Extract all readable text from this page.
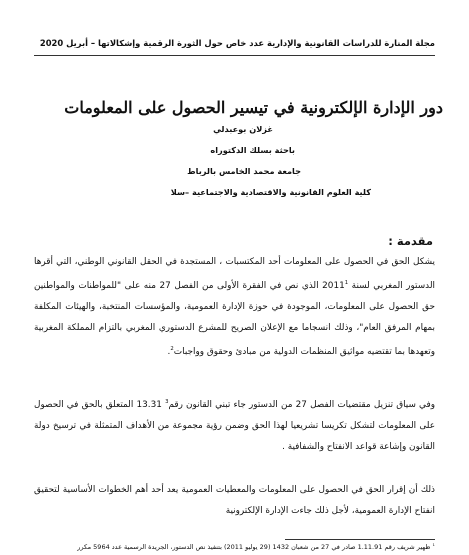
مجلة المنارة للدراسات القانونية والإدارية عدد خاص حول الثورة الرقمية وإشكالاتها – أبريل 2020
دور الإدارة الإلكترونية في تيسير الحصول على المعلومات
غزلان بوعبدلي
باحثة بسلك الدكتوراه
جامعة محمد الخامس بالرباط
كلية العلوم القانونية والاقتصادية والاجتماعية –سلا
مقدمة :
يشكل الحق في الحصول على المعلومات أحد المكتسبات ، المستجدة في الحقل القانوني الوطني، التي أقرها الدستور المغربي لسنة 2011$^1$ الذي نص في الفقرة الأولى من الفصل 27 منه على "للمواطنات والمواطنين حق الحصول على المعلومات، الموجودة في حوزة الإدارة العمومية، والمؤسسات المنتخبة، والهيئات المكلفة بمهام المرفق العام"، وذلك انسجاما مع الإعلان الصريح للمشرع الدستوري المغربي بالتزام المملكة المغربية وتعهدها بما تقتضيه مواثيق المنظمات الدولية من مبادئ وحقوق وواجبات$^2$.
وفي سياق تنزيل مقتضيات الفصل 27 من الدستور جاء تبني القانون رقم$^3$ 13.31 المتعلق بالحق في الحصول على المعلومات لتشكل تكريسا تشريعيا لهذا الحق وضمن رؤية مجموعة من الأهداف المتمثلة في ترسيخ دولة القانون وإشاعة قواعد الانفتاح والشفافية .
ذلك أن إقرار الحق في الحصول على المعلومات والمعطيات العمومية يعد أحد أهم الخطوات الأساسية لتحقيق انفتاح الإدارة العمومية، لأجل ذلك جاءت الإدارة الإلكترونية
$^1$ ظهير شريف رقم 1.11.91 صادر في 27 من شعبان 1432 (29 يوليو 2011) بتنفيذ نص الدستور، الجريدة الرسمية عدد 5964 مكرر
